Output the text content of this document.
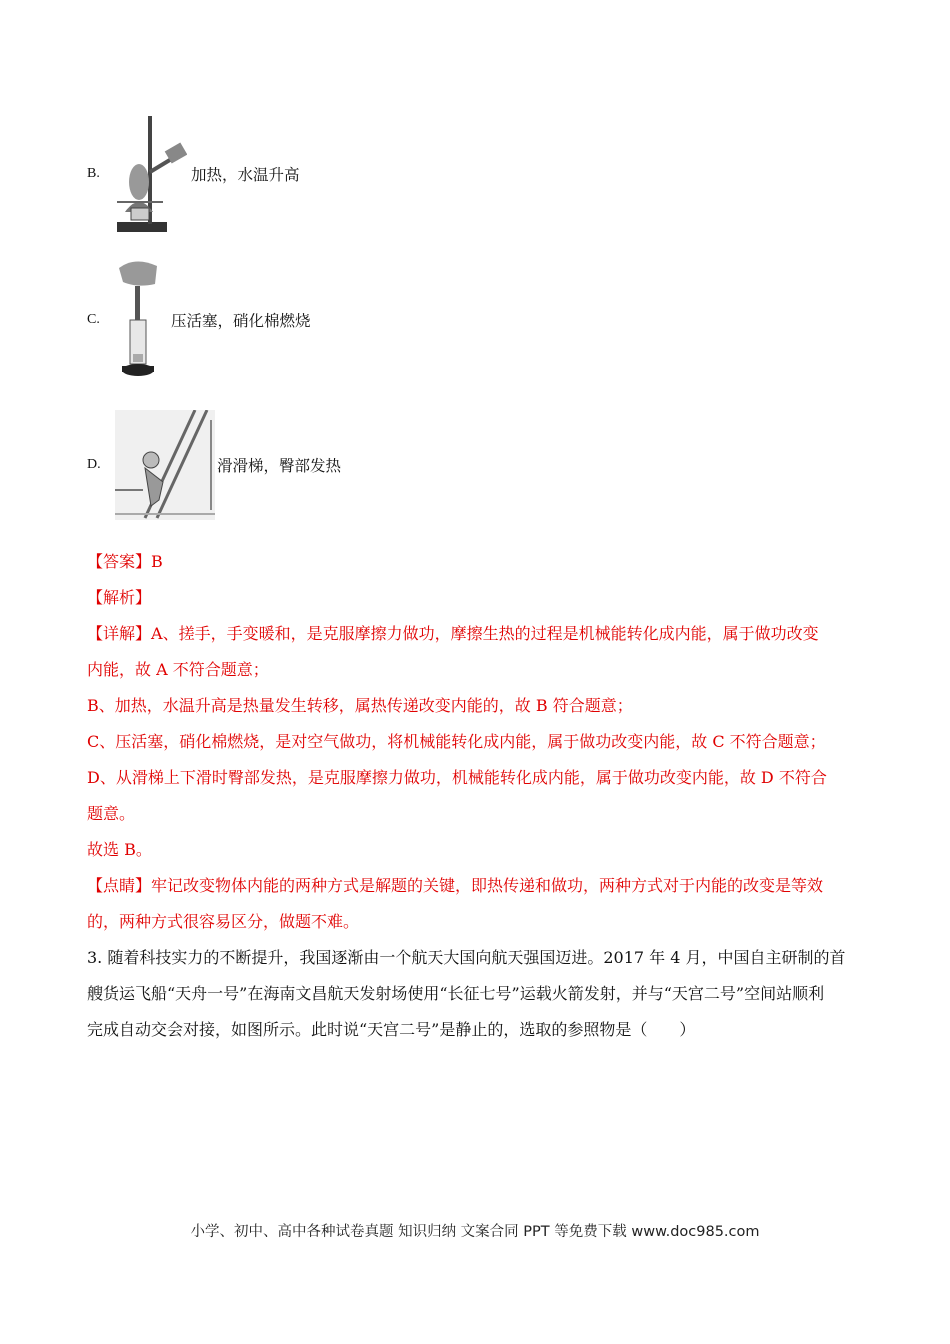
B.	加热，水温升高
C.	压活塞，硝化棉燃烧
D.	滑滑梯，臀部发热
【答案】B
【解析】
【详解】A、搓手，手变暖和，是克服摩擦力做功，摩擦生热的过程是机械能转化成内能，属于做功改变
内能，故 A 不符合题意；
B、加热，水温升高是热量发生转移，属热传递改变内能的，故 B 符合题意；
C、压活塞，硝化棉燃烧，是对空气做功，将机械能转化成内能，属于做功改变内能，故 C 不符合题意；
D、从滑梯上下滑时臀部发热，是克服摩擦力做功，机械能转化成内能，属于做功改变内能，故 D 不符合
题意。
故选 B。
【点睛】牢记改变物体内能的两种方式是解题的关键，即热传递和做功，两种方式对于内能的改变是等效
的，两种方式很容易区分，做题不难。
3. 随着科技实力的不断提升，我国逐渐由一个航天大国向航天强国迈进。2017 年 4 月，中国自主研制的首
艘货运飞船“天舟一号”在海南文昌航天发射场使用“长征七号”运载火箭发射，并与“天宫二号”空间站顺利
完成自动交会对接，如图所示。此时说“天宫二号”是静止的，选取的参照物是（　　）
小学、初中、高中各种试卷真题 知识归纳 文案合同 PPT 等免费下载 www.doc985.com
